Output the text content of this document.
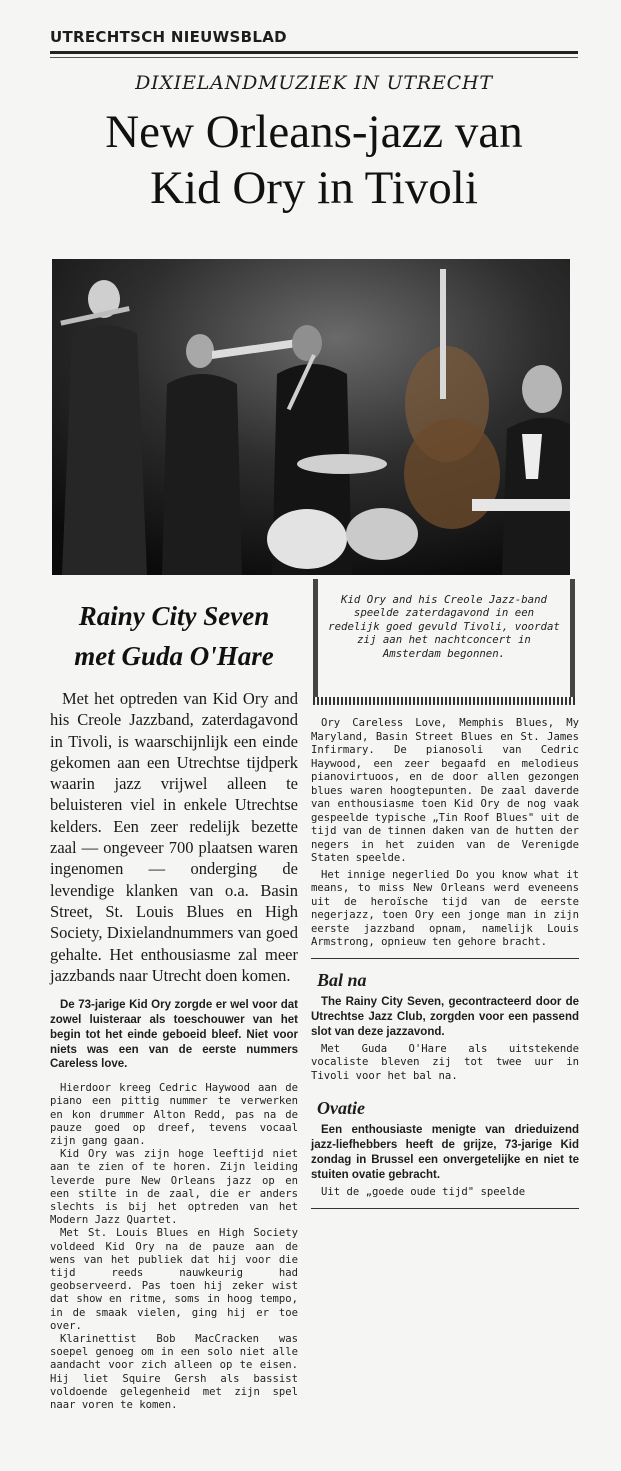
UTRECHTSCH NIEUWSBLAD
DIXIELANDMUZIEK IN UTRECHT
New Orleans-jazz van
Kid Ory in Tivoli
Rainy City Seven
met Guda O'Hare

Met het optreden van Kid Ory and his Creole Jazzband, zaterdagavond in Tivoli, is waarschijnlijk een einde gekomen aan een Utrechtse tijdperk waarin jazz vrijwel alleen te beluisteren viel in enkele Utrechtse kelders. Een zeer redelijk bezette zaal — ongeveer 700 plaatsen waren ingenomen — onderging de levendige klanken van o.a. Basin Street, St. Louis Blues en High Society, Dixielandnummers van goed gehalte. Het enthousiasme zal meer jazzbands naar Utrecht doen komen.

De 73-jarige Kid Ory zorgde er wel voor dat zowel luisteraar als toeschouwer van het begin tot het einde geboeid bleef. Niet voor niets was een van de eerste nummers Careless love.

Hierdoor kreeg Cedric Haywood aan de piano een pittig nummer te verwerken en kon drummer Alton Redd, pas na de pauze goed op dreef, tevens vocaal zijn gang gaan.

Kid Ory was zijn hoge leeftijd niet aan te zien of te horen. Zijn leiding leverde pure New Orleans jazz op en een stilte in de zaal, die er anders slechts is bij het optreden van het Modern Jazz Quartet.

Met St. Louis Blues en High Society voldeed Kid Ory na de pauze aan de wens van het publiek dat hij voor die tijd reeds nauwkeurig had geobserveerd. Pas toen hij zeker wist dat show en ritme, soms in hoog tempo, in de smaak vielen, ging hij er toe over.

Klarinettist Bob MacCracken was soepel genoeg om in een solo niet alle aandacht voor zich alleen op te eisen. Hij liet Squire Gersh als bassist voldoende gelegenheid met zijn spel naar voren te komen.

Kid Ory and his Creole Jazz-band speelde zaterdagavond in een redelijk goed gevuld Tivoli, voordat zij aan het nachtconcert in Amsterdam begonnen.

Ory Careless Love, Memphis Blues, My Maryland, Basin Street Blues en St. James Infirmary. De pianosoli van Cedric Haywood, een zeer begaafd en melodieus pianovirtuoos, en de door allen gezongen blues waren hoogtepunten. De zaal daverde van enthousiasme toen Kid Ory de nog vaak gespeelde typische „Tin Roof Blues" uit de tijd van de tinnen daken van de hutten der negers in het zuiden van de Verenigde Staten speelde.

Het innige negerlied Do you know what it means, to miss New Orleans werd eveneens uit de heroïsche tijd van de eerste negerjazz, toen Ory een jonge man in zijn eerste jazzband opnam, namelijk Louis Armstrong, opnieuw ten gehore bracht.

Bal na

The Rainy City Seven, gecontracteerd door de Utrechtse Jazz Club, zorgden voor een passend slot van deze jazzavond.

Met Guda O'Hare als uitstekende vocaliste bleven zij tot twee uur in Tivoli voor het bal na.

Ovatie

Een enthousiaste menigte van drieduizend jazz-liefhebbers heeft de grijze, 73-jarige Kid zondag in Brussel een onvergetelijke en niet te stuiten ovatie gebracht.

Uit de „goede oude tijd" speelde
